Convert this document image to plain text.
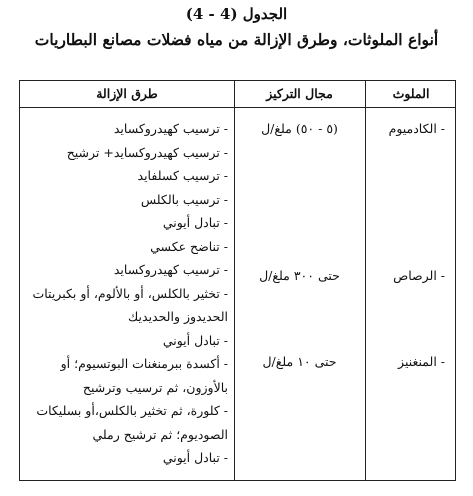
الجدول (4 - 4)
أنواع الملوثات، وطرق الإزالة من مياه فضلات مصانع البطاريات
الملوث
مجال التركيز
طرق الإزالة
- الكادميوم
(٥ - ٥٠) ملغ/ل
- الرصاص
حتى ٣٠٠ ملغ/ل
- المنغنيز
حتى ١٠ ملغ/ل
- ترسيب كهيدروكسايد
- ترسيب كهيدروكسايد+ ترشيح
- ترسيب كسلفايد
- ترسيب بالكلس
- تبادل أيوني
- تناضح عكسي
- ترسيب كهيدروكسايد
- تخثير بالكلس، أو بالألوم، أو بكبريتات الحديدوز والحديديك
- تبادل أيوني
- أكسدة ببرمنغنات البوتسيوم؛ أو بالأوزون، ثم ترسيب وترشيح
- كلورة، ثم تخثير بالكلس،أو بسليكات الصوديوم؛ ثم ترشيح رملي
- تبادل أيوني
